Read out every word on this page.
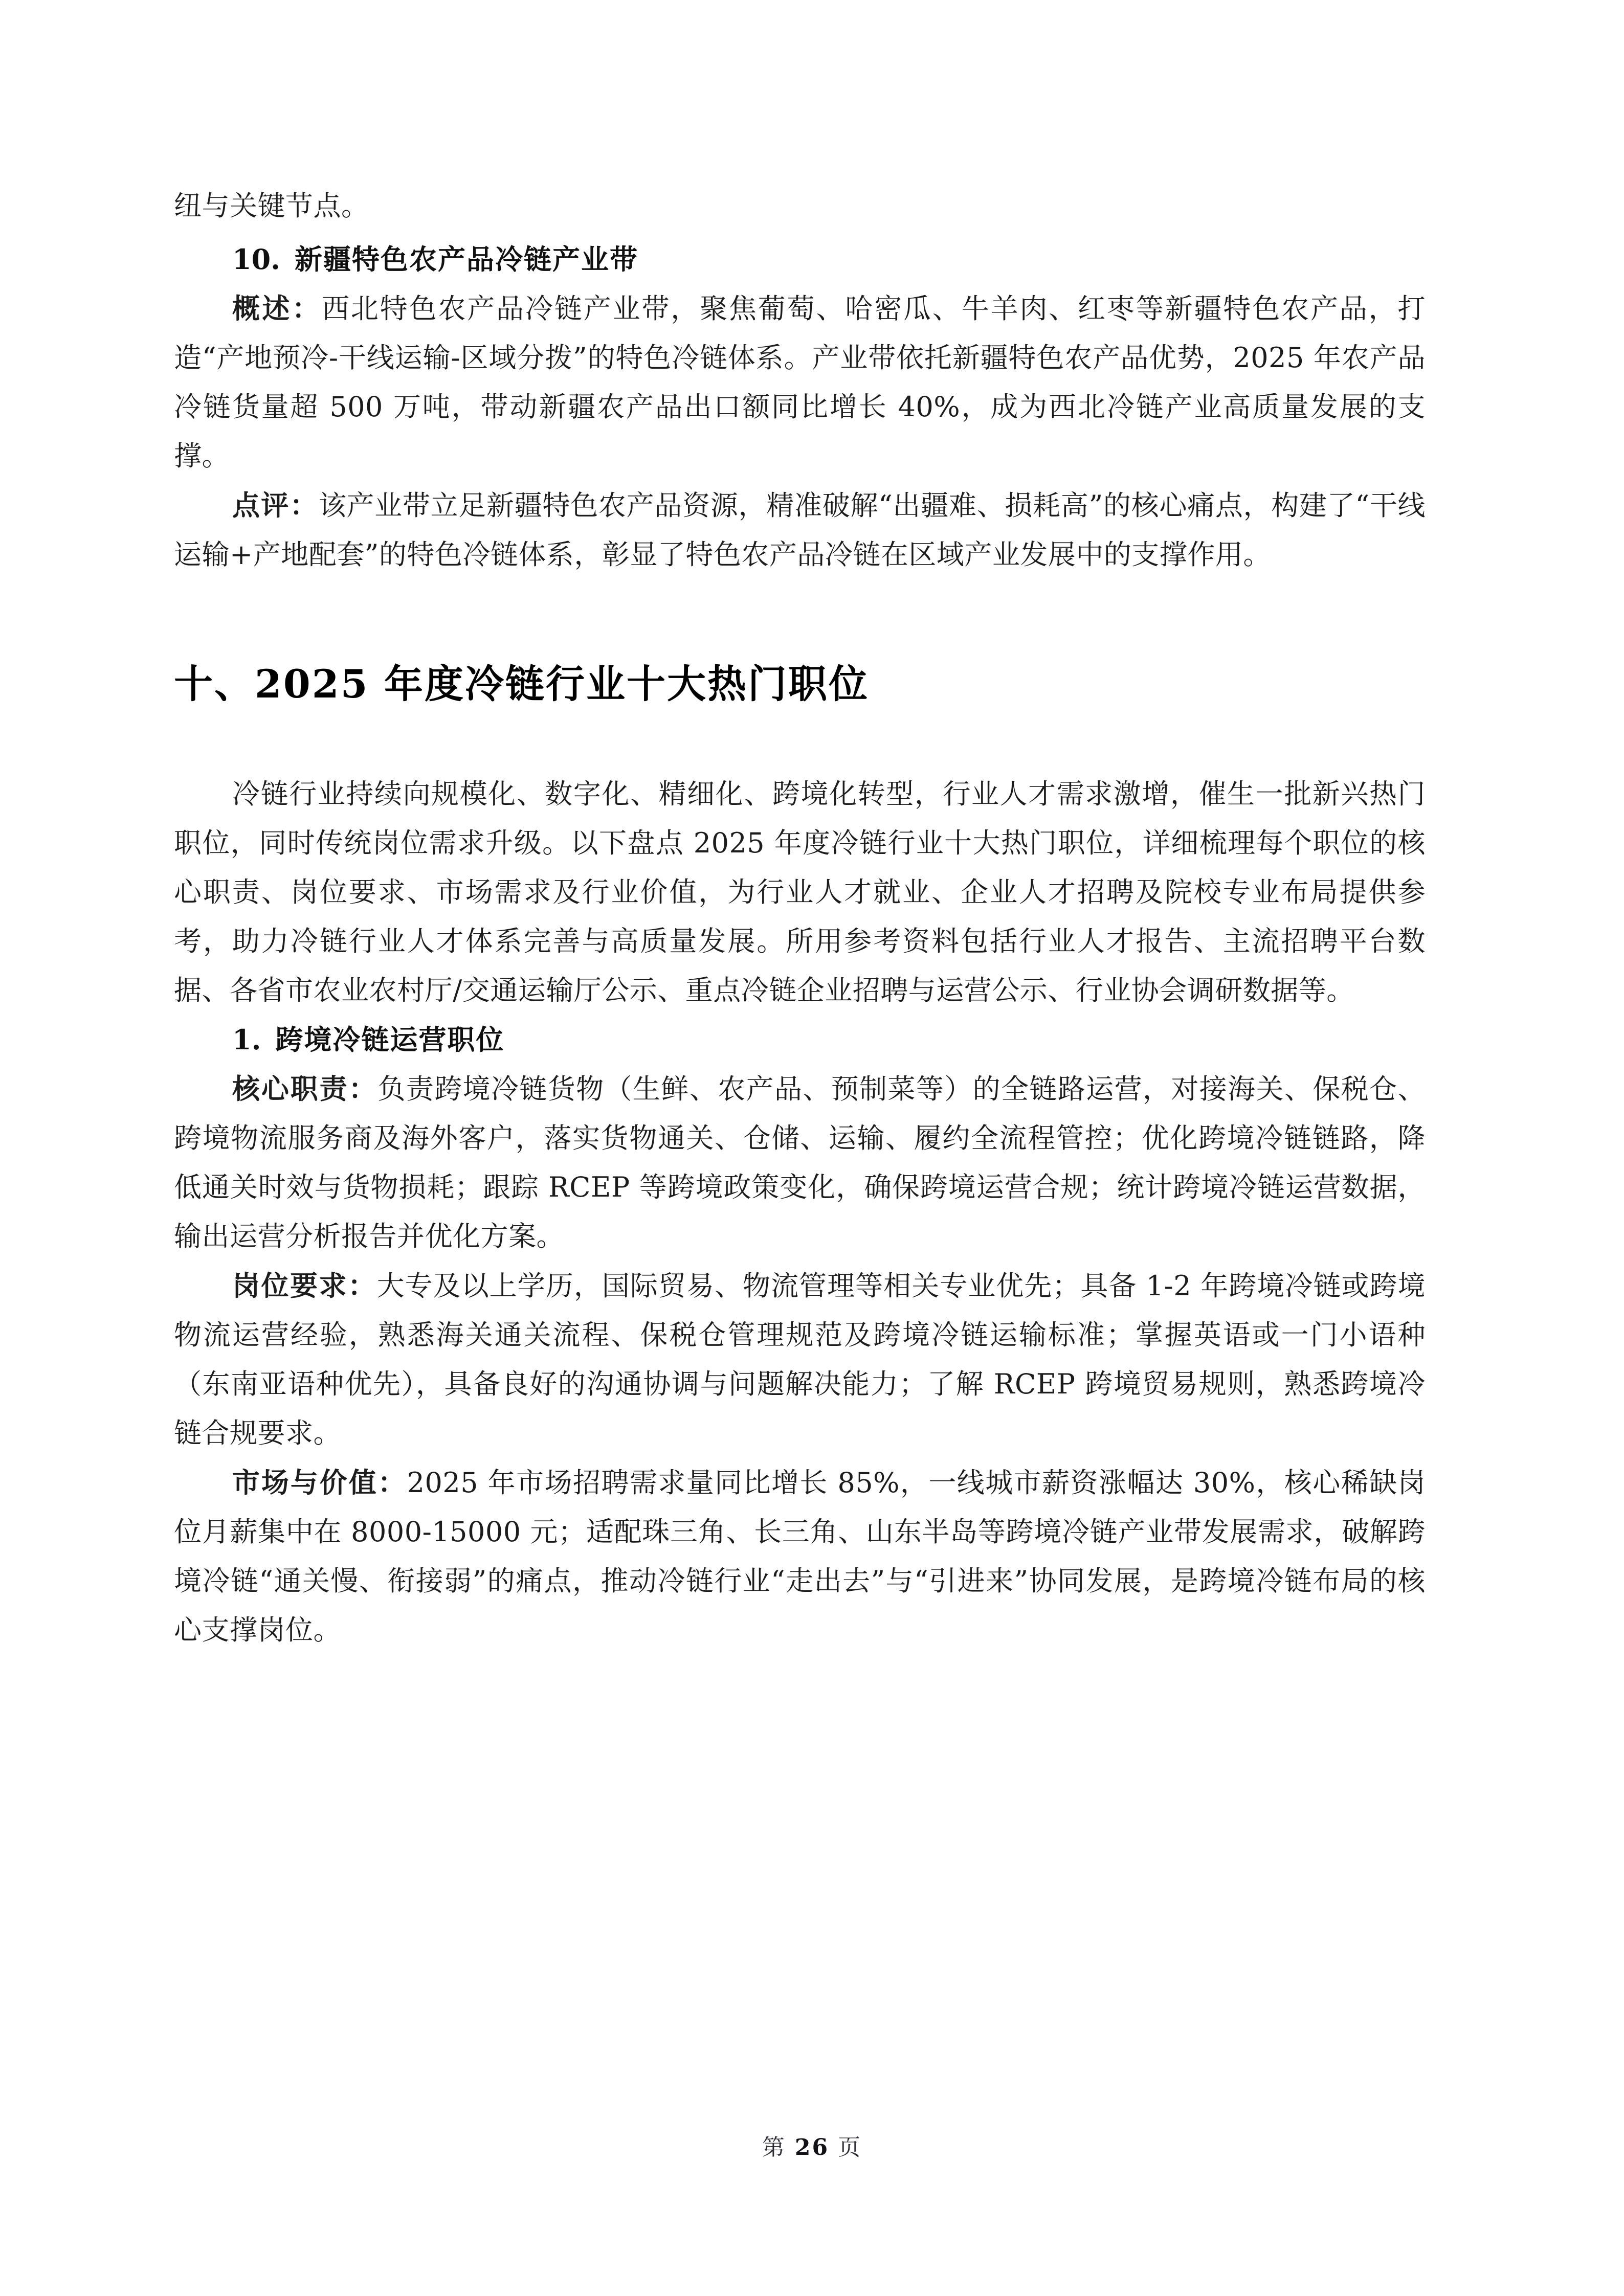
纽与关键节点。

10. 新疆特色农产品冷链产业带

概述：西北特色农产品冷链产业带，聚焦葡萄、哈密瓜、牛羊肉、红枣等新疆特色农产品，打造“产地预冷-干线运输-区域分拨”的特色冷链体系。产业带依托新疆特色农产品优势，2025 年农产品冷链货量超 500 万吨，带动新疆农产品出口额同比增长 40%，成为西北冷链产业高质量发展的支撑。

点评：该产业带立足新疆特色农产品资源，精准破解“出疆难、损耗高”的核心痛点，构建了“干线运输+产地配套”的特色冷链体系，彰显了特色农产品冷链在区域产业发展中的支撑作用。

十、2025 年度冷链行业十大热门职位

冷链行业持续向规模化、数字化、精细化、跨境化转型，行业人才需求激增，催生一批新兴热门职位，同时传统岗位需求升级。以下盘点 2025 年度冷链行业十大热门职位，详细梳理每个职位的核心职责、岗位要求、市场需求及行业价值，为行业人才就业、企业人才招聘及院校专业布局提供参考，助力冷链行业人才体系完善与高质量发展。所用参考资料包括行业人才报告、主流招聘平台数据、各省市农业农村厅/交通运输厅公示、重点冷链企业招聘与运营公示、行业协会调研数据等。

1. 跨境冷链运营职位

核心职责：负责跨境冷链货物（生鲜、农产品、预制菜等）的全链路运营，对接海关、保税仓、跨境物流服务商及海外客户，落实货物通关、仓储、运输、履约全流程管控；优化跨境冷链链路，降低通关时效与货物损耗；跟踪 RCEP 等跨境政策变化，确保跨境运营合规；统计跨境冷链运营数据，输出运营分析报告并优化方案。

岗位要求：大专及以上学历，国际贸易、物流管理等相关专业优先；具备 1-2 年跨境冷链或跨境物流运营经验，熟悉海关通关流程、保税仓管理规范及跨境冷链运输标准；掌握英语或一门小语种（东南亚语种优先），具备良好的沟通协调与问题解决能力；了解 RCEP 跨境贸易规则，熟悉跨境冷链合规要求。

市场与价值：2025 年市场招聘需求量同比增长 85%，一线城市薪资涨幅达 30%，核心稀缺岗位月薪集中在 8000-15000 元；适配珠三角、长三角、山东半岛等跨境冷链产业带发展需求，破解跨境冷链“通关慢、衔接弱”的痛点，推动冷链行业“走出去”与“引进来”协同发展，是跨境冷链布局的核心支撑岗位。

第 26 页
